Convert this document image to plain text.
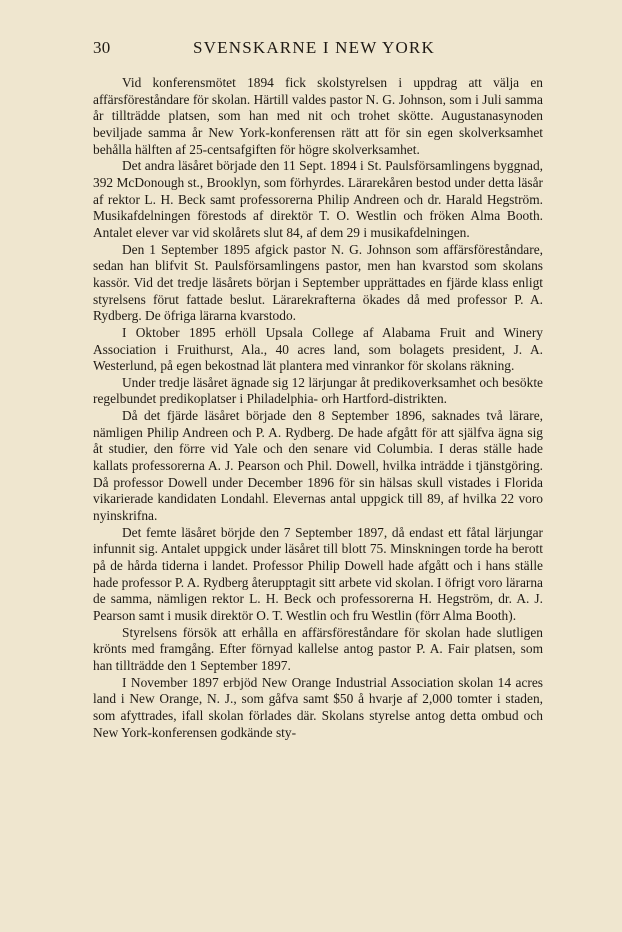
30	SVENSKARNE I NEW YORK

Vid konferensmötet 1894 fick skolstyrelsen i uppdrag att välja en affärsföreståndare för skolan. Härtill valdes pastor N. G. Johnson, som i Juli samma år tillträdde platsen, som han med nit och trohet skötte. Augustanasynoden beviljade samma år New York-konferensen rätt att för sin egen skolverksamhet behålla hälften af 25-centsafgiften för högre skolverksamhet.

Det andra läsåret började den 11 Sept. 1894 i St. Paulsförsamlingens byggnad, 392 McDonough st., Brooklyn, som förhyrdes. Lärarekåren bestod under detta läsår af rektor L. H. Beck samt professorerna Philip Andreen och dr. Harald Hegström. Musikafdelningen förestods af direktör T. O. Westlin och fröken Alma Booth. Antalet elever var vid skolårets slut 84, af dem 29 i musikafdelningen.

Den 1 September 1895 afgick pastor N. G. Johnson som affärsföreståndare, sedan han blifvit St. Paulsförsamlingens pastor, men han kvarstod som skolans kassör. Vid det tredje läsårets början i September upprättades en fjärde klass enligt styrelsens förut fattade beslut. Lärarekrafterna ökades då med professor P. A. Rydberg. De öfriga lärarna kvarstodo.

I Oktober 1895 erhöll Upsala College af Alabama Fruit and Winery Association i Fruithurst, Ala., 40 acres land, som bolagets president, J. A. Westerlund, på egen bekostnad lät plantera med vinrankor för skolans räkning.

Under tredje läsåret ägnade sig 12 lärjungar åt predikoverksamhet och besökte regelbundet predikoplatser i Philadelphia- orh Hartford-distrikten.

Då det fjärde läsåret började den 8 September 1896, saknades två lärare, nämligen Philip Andreen och P. A. Rydberg. De hade afgått för att själfva ägna sig åt studier, den förre vid Yale och den senare vid Columbia. I deras ställe hade kallats professorerna A. J. Pearson och Phil. Dowell, hvilka inträdde i tjänstgöring. Då professor Dowell under December 1896 för sin hälsas skull vistades i Florida vikarierade kandidaten Londahl. Elevernas antal uppgick till 89, af hvilka 22 voro nyinskrifna.

Det femte läsåret börjde den 7 September 1897, då endast ett fåtal lärjungar infunnit sig. Antalet uppgick under läsåret till blott 75. Minskningen torde ha berott på de hårda tiderna i landet. Professor Philip Dowell hade afgått och i hans ställe hade professor P. A. Rydberg återupptagit sitt arbete vid skolan. I öfrigt voro lärarna de samma, nämligen rektor L. H. Beck och professorerna H. Hegström, dr. A. J. Pearson samt i musik direktör O. T. Westlin och fru Westlin (förr Alma Booth).

Styrelsens försök att erhålla en affärsföreståndare för skolan hade slutligen krönts med framgång. Efter förnyad kallelse antog pastor P. A. Fair platsen, som han tillträdde den 1 September 1897.

I November 1897 erbjöd New Orange Industrial Association skolan 14 acres land i New Orange, N. J., som gåfva samt $50 å hvarje af 2,000 tomter i staden, som afyttrades, ifall skolan förlades där. Skolans styrelse antog detta ombud och New York-konferensen godkände sty-
